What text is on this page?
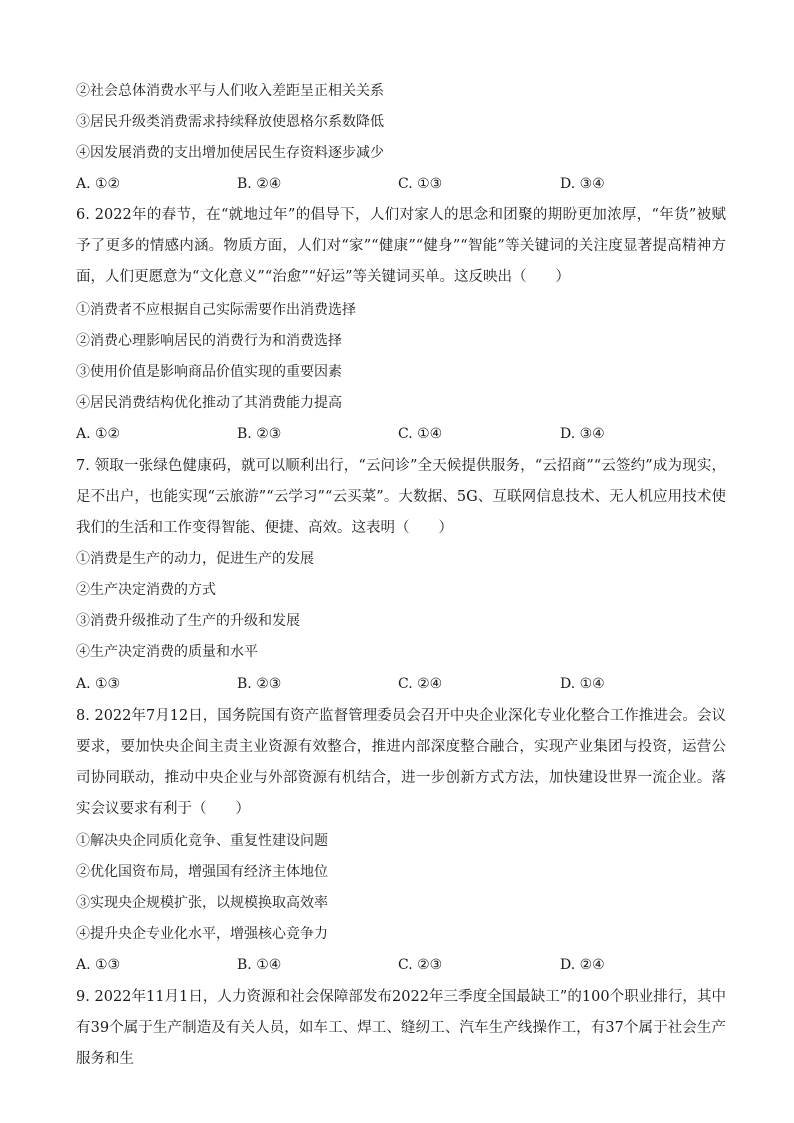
②社会总体消费水平与人们收入差距呈正相关关系
③居民升级类消费需求持续释放使恩格尔系数降低
④因发展消费的支出增加使居民生存资料逐步减少
A. ①②	B. ②④	C. ①③	D. ③④
6. 2022年的春节，在“就地过年”的倡导下，人们对家人的思念和团聚的期盼更加浓厚，“年货”被赋予了更多的情感内涵。物质方面，人们对“家”“健康”“健身”“智能”等关键词的关注度显著提高精神方面，人们更愿意为“文化意义”“治愈”“好运”等关键词买单。这反映出（　　）
①消费者不应根据自己实际需要作出消费选择
②消费心理影响居民的消费行为和消费选择
③使用价值是影响商品价值实现的重要因素
④居民消费结构优化推动了其消费能力提高
A. ①②	B. ②③	C. ①④	D. ③④
7. 领取一张绿色健康码，就可以顺利出行，“云问诊”全天候提供服务，“云招商”“云签约”成为现实，足不出户，也能实现“云旅游”“云学习”“云买菜”。大数据、5G、互联网信息技术、无人机应用技术使我们的生活和工作变得智能、便捷、高效。这表明（　　）
①消费是生产的动力，促进生产的发展
②生产决定消费的方式
③消费升级推动了生产的升级和发展
④生产决定消费的质量和水平
A. ①③	B. ②③	C. ②④	D. ①④
8. 2022年7月12日，国务院国有资产监督管理委员会召开中央企业深化专业化整合工作推进会。会议要求，要加快央企间主责主业资源有效整合，推进内部深度整合融合，实现产业集团与投资，运营公司协同联动，推动中央企业与外部资源有机结合，进一步创新方式方法，加快建设世界一流企业。落实会议要求有利于（　　）
①解决央企同质化竞争、重复性建设问题
②优化国资布局，增强国有经济主体地位
③实现央企规模扩张，以规模换取高效率
④提升央企专业化水平，增强核心竞争力
A. ①③	B. ①④	C. ②③	D. ②④
9. 2022年11月1日，人力资源和社会保障部发布2022年三季度全国最缺工”的100个职业排行，其中有39个属于生产制造及有关人员，如车工、焊工、缝纫工、汽车生产线操作工，有37个属于社会生产服务和生
